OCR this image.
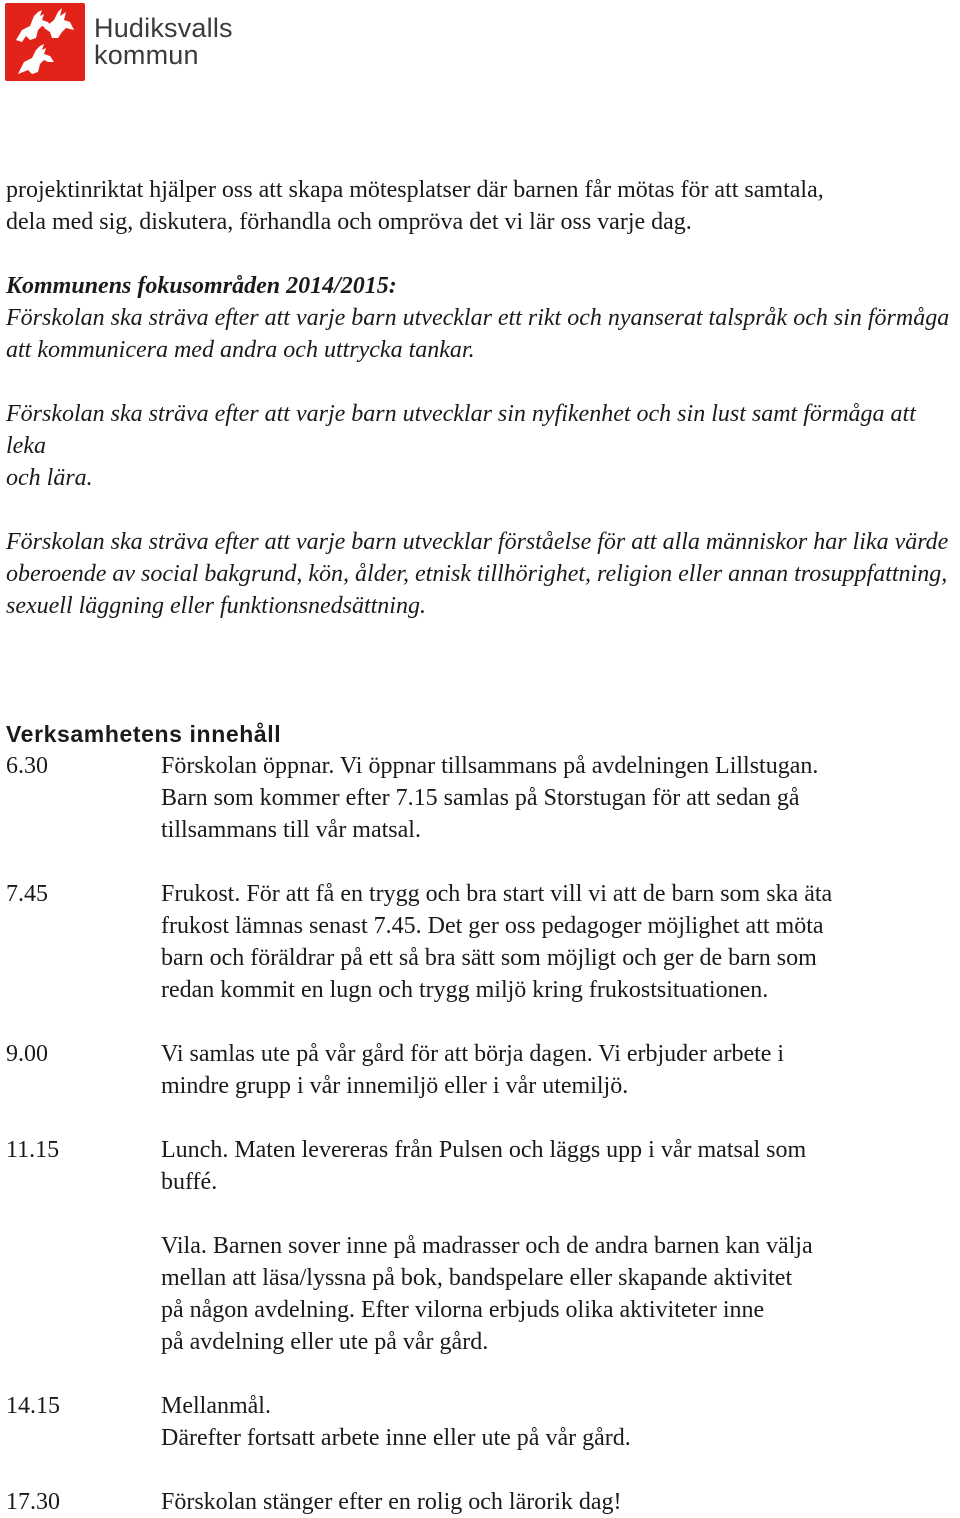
Hudiksvalls
kommun

projektinriktat hjälper oss att skapa mötesplatser där barnen får mötas för att samtala,

dela med sig, diskutera, förhandla och ompröva det vi lär oss varje dag.

Kommunens fokusområden 2014/2015:

Förskolan ska sträva efter att varje barn utvecklar ett rikt och nyanserat talspråk och sin förmåga

att kommunicera med andra och uttrycka tankar.

Förskolan ska sträva efter att varje barn utvecklar sin nyfikenhet och sin lust samt förmåga att leka

och lära.

Förskolan ska sträva efter att varje barn utvecklar förståelse för att alla människor har lika värde

oberoende av social bakgrund, kön, ålder, etnisk tillhörighet, religion eller annan trosuppfattning,

sexuell läggning eller funktionsnedsättning.

Verksamhetens innehåll

6.30	Förskolan öppnar. Vi öppnar tillsammans på avdelningen Lillstugan.

Barn som kommer efter 7.15 samlas på Storstugan för att sedan gå

tillsammans till vår matsal.

7.45	Frukost. För att få en trygg och bra start vill vi att de barn som ska äta

frukost lämnas senast 7.45. Det ger oss pedagoger möjlighet att möta

barn och föräldrar på ett så bra sätt som möjligt och ger de barn som

redan kommit en lugn och trygg miljö kring frukostsituationen.

9.00	Vi samlas ute på vår gård för att börja dagen. Vi erbjuder arbete i

mindre grupp i vår innemiljö eller i vår utemiljö.

11.15	Lunch. Maten levereras från Pulsen och läggs upp i vår matsal som

buffé.

Vila. Barnen sover inne på madrasser och de andra barnen kan välja

mellan att läsa/lyssna på bok, bandspelare eller skapande aktivitet

på någon avdelning. Efter vilorna erbjuds olika aktiviteter inne

på avdelning eller ute på vår gård.

14.15	Mellanmål.

Därefter fortsatt arbete inne eller ute på vår gård.

17.30	Förskolan stänger efter en rolig och lärorik dag!
